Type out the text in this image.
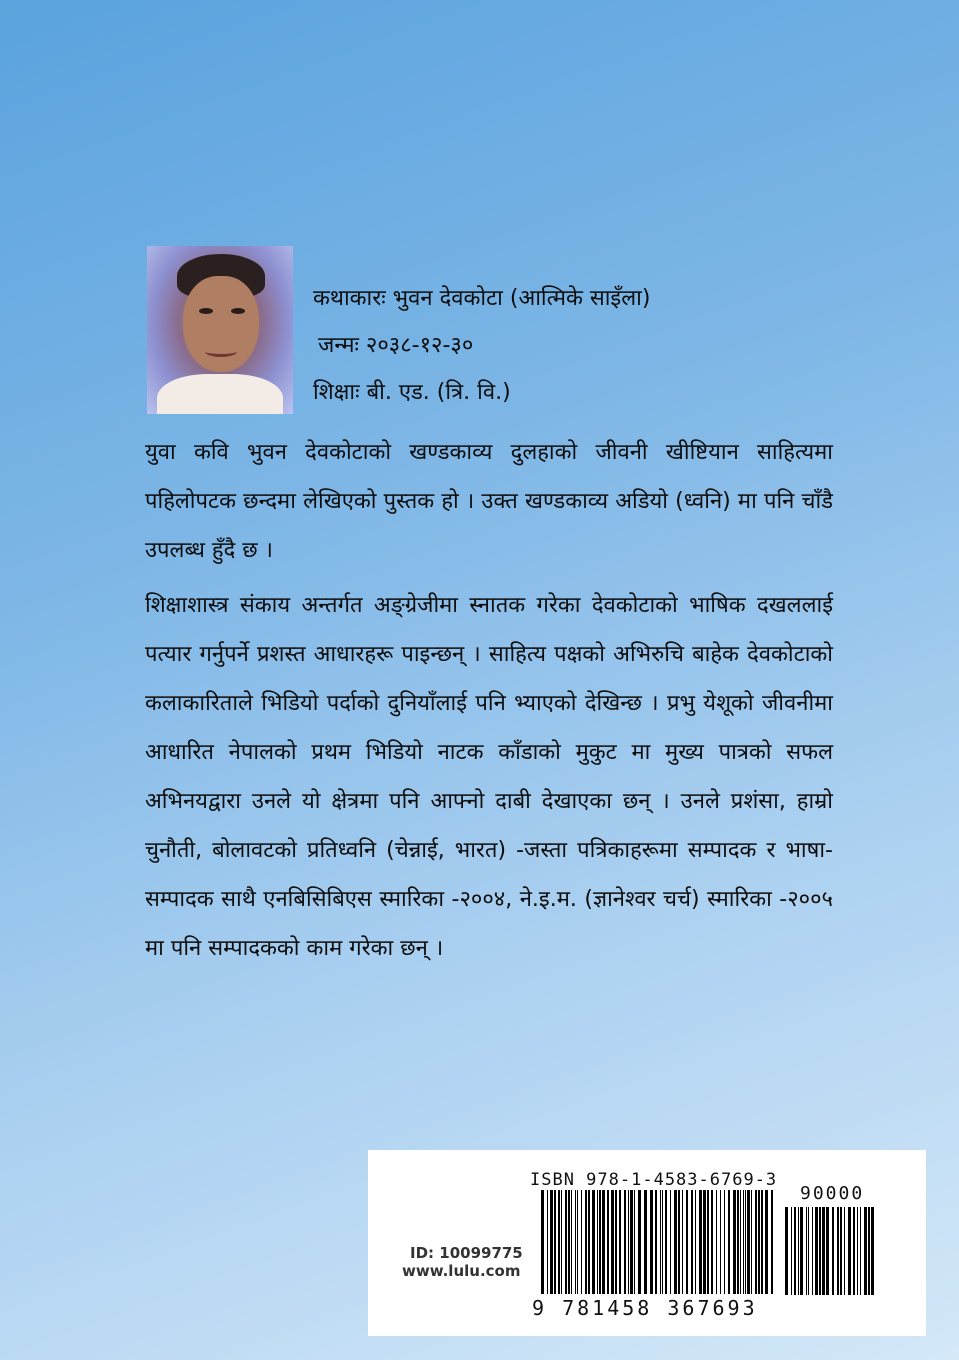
कथाकारः भुवन देवकोटा (आत्मिके साइँला)
जन्मः २०३८-१२-३०
शिक्षाः बी. एड. (त्रि. वि.)

युवा कवि भुवन देवकोटाको खण्डकाव्य दुलहाको जीवनी खीष्टियान साहित्यमा पहिलोपटक छन्दमा लेखिएको पुस्तक हो । उक्त खण्डकाव्य अडियो (ध्वनि) मा पनि चाँडै उपलब्ध हुँदै छ ।

शिक्षाशास्त्र संकाय अन्तर्गत अङ्ग्रेजीमा स्नातक गरेका देवकोटाको भाषिक दखललाई पत्यार गर्नुपर्ने प्रशस्त आधारहरू पाइन्छन् । साहित्य पक्षको अभिरुचि बाहेक देवकोटाको कलाकारिताले भिडियो पर्दाको दुनियाँलाई पनि भ्याएको देखिन्छ । प्रभु येशूको जीवनीमा आधारित नेपालको प्रथम भिडियो नाटक काँडाको मुकुट मा मुख्य पात्रको सफल अभिनयद्वारा उनले यो क्षेत्रमा पनि आफ्नो दाबी देखाएका छन् । उनले प्रशंसा, हाम्रो चुनौती, बोलावटको प्रतिध्वनि (चेन्नाई, भारत) -जस्ता पत्रिकाहरूमा सम्पादक र भाषा-सम्पादक साथै एनबिसिबिएस स्मारिका -२००४, ने.इ.म. (ज्ञानेश्वर चर्च) स्मारिका -२००५ मा पनि सम्पादकको काम गरेका छन् ।

ID: 10099775
www.lulu.com
ISBN 978-1-4583-6769-3
90000
9 781458 367693
